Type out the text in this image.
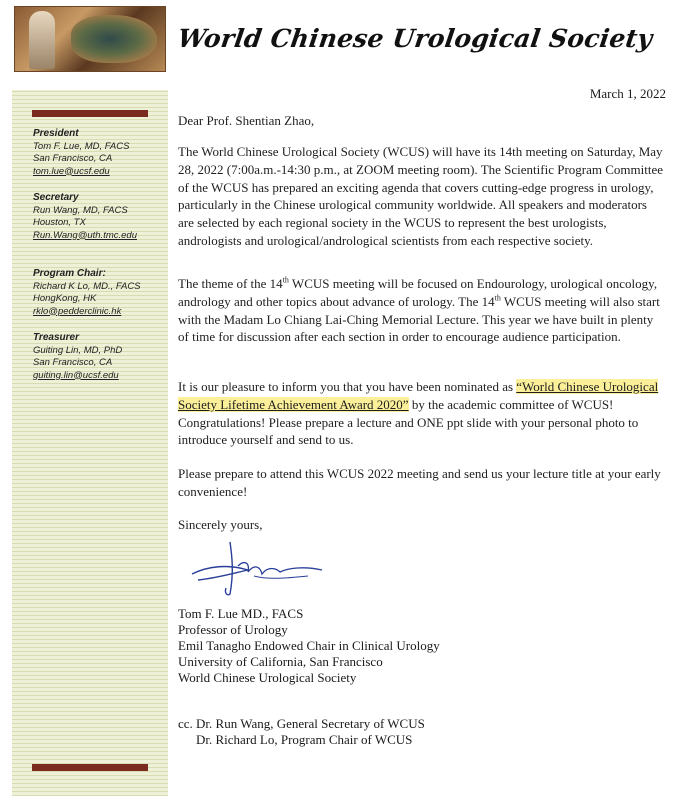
World Chinese Urological Society
President
Tom F. Lue, MD, FACS
San Francisco, CA
tom.lue@ucsf.edu
Secretary
Run Wang, MD, FACS
Houston, TX
Run.Wang@uth.tmc.edu
Program Chair:
Richard K Lo, MD., FACS
HongKong, HK
rklo@pedderclinic.hk
Treasurer
Guiting Lin, MD, PhD
San Francisco, CA
guiting.lin@ucsf.edu
March 1, 2022
Dear Prof. Shentian Zhao,
The World Chinese Urological Society (WCUS) will have its 14th meeting on Saturday, May 28, 2022 (7:00a.m.-14:30 p.m., at ZOOM meeting room). The Scientific Program Committee of the WCUS has prepared an exciting agenda that covers cutting-edge progress in urology, particularly in the Chinese urological community worldwide. All speakers and moderators are selected by each regional society in the WCUS to represent the best urologists, andrologists and urological/andrological scientists from each respective society.
The theme of the 14th WCUS meeting will be focused on Endourology, urological oncology, andrology and other topics about advance of urology. The 14th WCUS meeting will also start with the Madam Lo Chiang Lai-Ching Memorial Lecture. This year we have built in plenty of time for discussion after each section in order to encourage audience participation.
It is our pleasure to inform you that you have been nominated as “World Chinese Urological Society Lifetime Achievement Award 2020” by the academic committee of WCUS! Congratulations! Please prepare a lecture and ONE ppt slide with your personal photo to introduce yourself and send to us.
Please prepare to attend this WCUS 2022 meeting and send us your lecture title at your early convenience!
Sincerely yours,
Tom F. Lue MD., FACS
Professor of Urology
Emil Tanagho Endowed Chair in Clinical Urology
University of California, San Francisco
World Chinese Urological Society
cc. Dr. Run Wang, General Secretary of WCUS
Dr. Richard Lo, Program Chair of WCUS
